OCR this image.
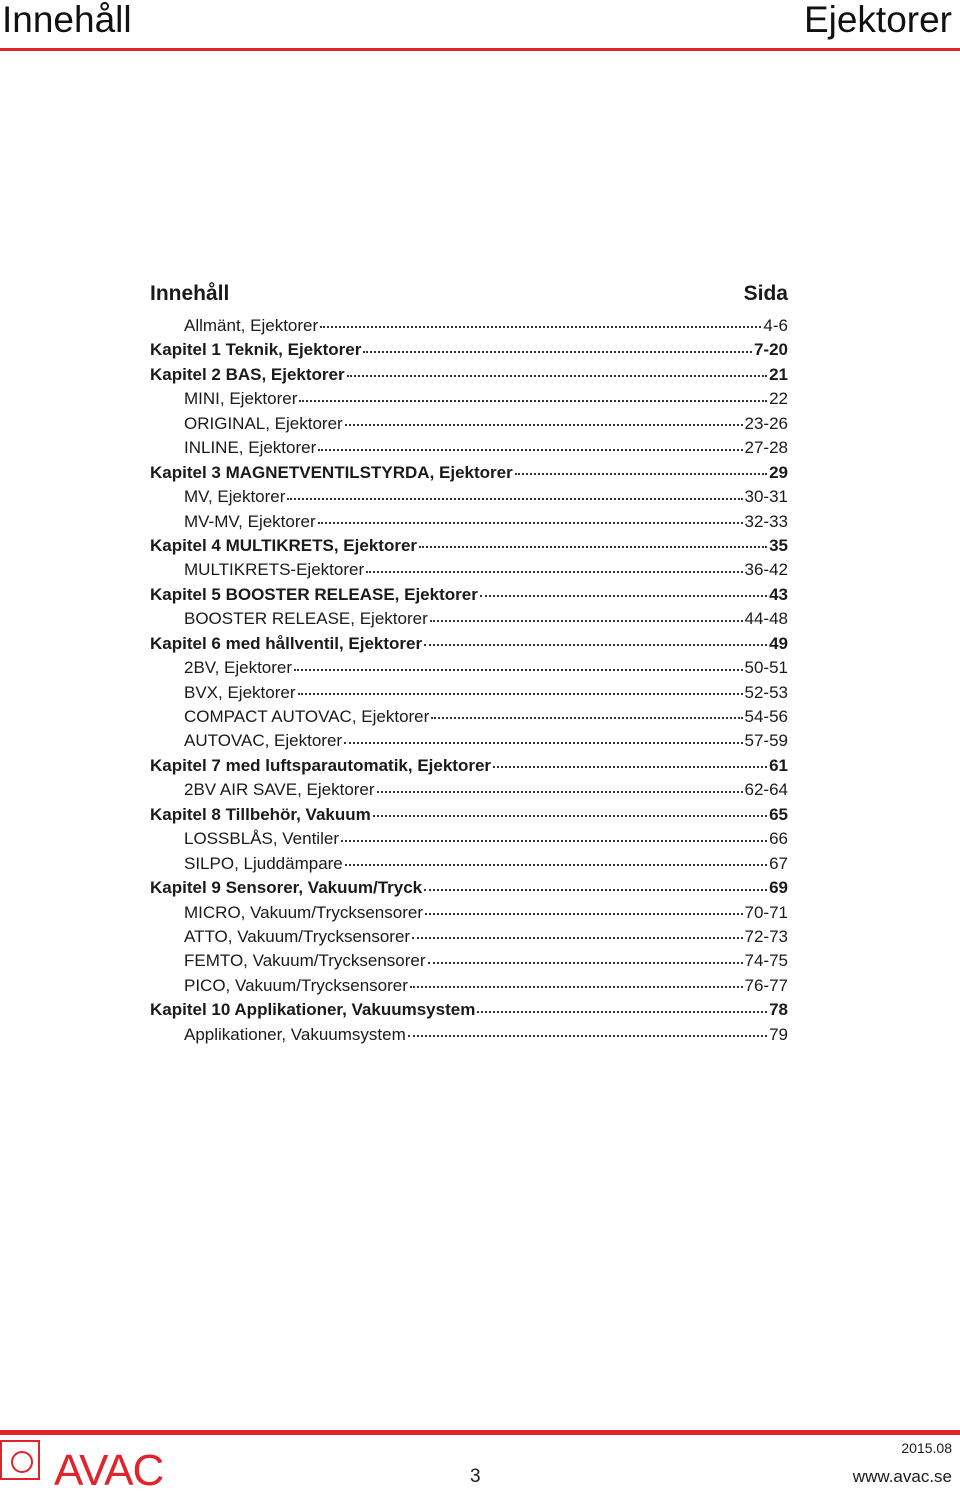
Innehåll	Ejektorer
Innehåll	Sida
Allmänt, Ejektorer	4-6
Kapitel 1 Teknik, Ejektorer	7-20
Kapitel 2 BAS, Ejektorer	21
MINI, Ejektorer	22
ORIGINAL, Ejektorer	23-26
INLINE, Ejektorer	27-28
Kapitel 3 MAGNETVENTILSTYRDA, Ejektorer	29
MV, Ejektorer	30-31
MV-MV, Ejektorer	32-33
Kapitel 4 MULTIKRETS, Ejektorer	35
MULTIKRETS-Ejektorer	36-42
Kapitel 5 BOOSTER RELEASE, Ejektorer	43
BOOSTER RELEASE, Ejektorer	44-48
Kapitel 6 med hållventil, Ejektorer	49
2BV, Ejektorer	50-51
BVX, Ejektorer	52-53
COMPACT AUTOVAC, Ejektorer	54-56
AUTOVAC, Ejektorer	57-59
Kapitel 7 med luftsparautomatik, Ejektorer	61
2BV AIR SAVE, Ejektorer	62-64
Kapitel 8 Tillbehör, Vakuum	65
LOSSBLÅS, Ventiler	66
SILPO, Ljuddämpare	67
Kapitel 9 Sensorer, Vakuum/Tryck	69
MICRO, Vakuum/Trycksensorer	70-71
ATTO, Vakuum/Trycksensorer	72-73
FEMTO, Vakuum/Trycksensorer	74-75
PICO, Vakuum/Trycksensorer	76-77
Kapitel 10 Applikationer, Vakuumsystem	78
Applikationer, Vakuumsystem	79
AVAC	3
2015.08
www.avac.se
